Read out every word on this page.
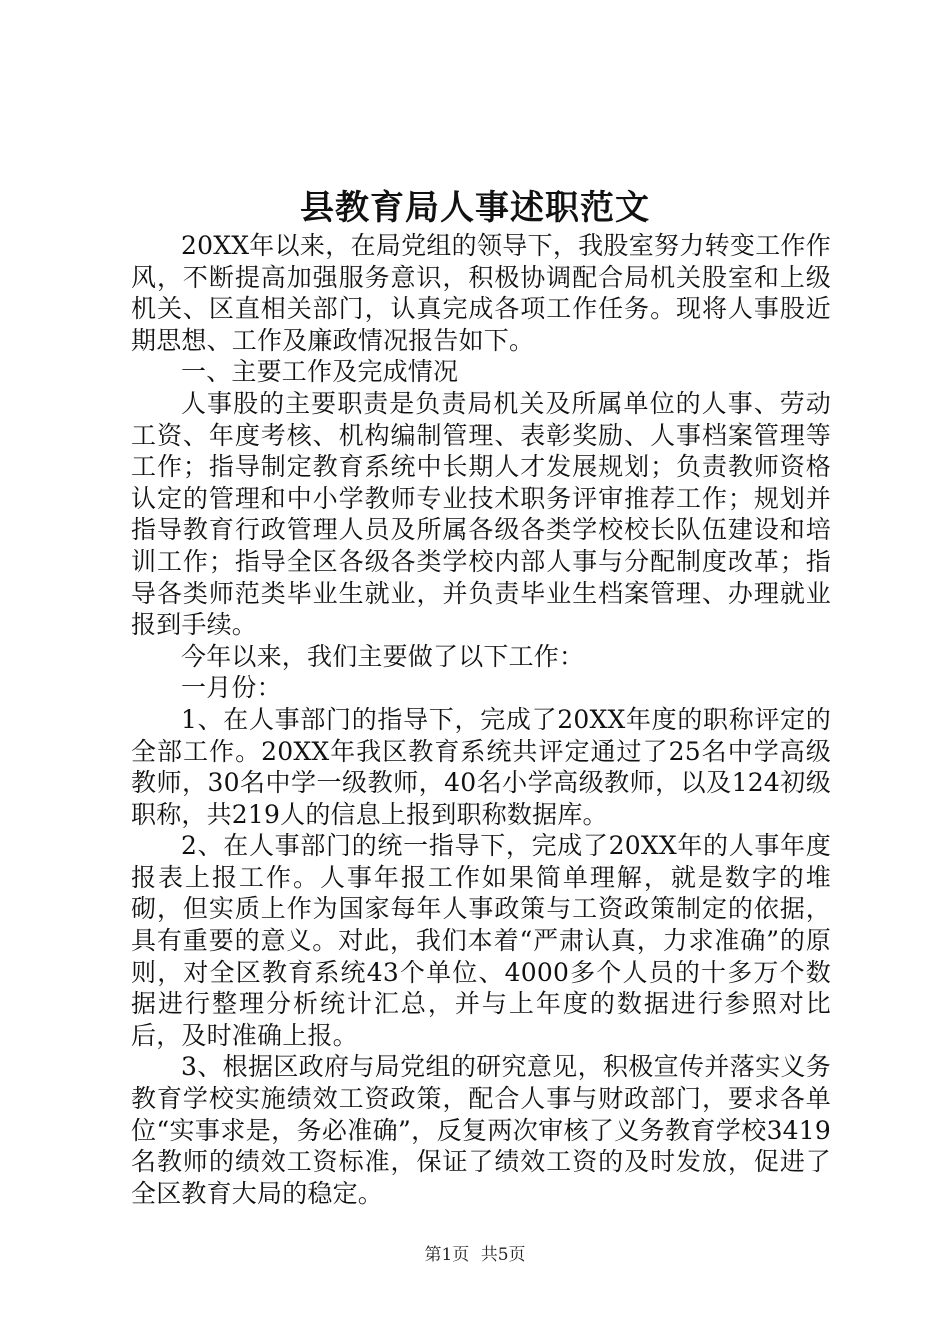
县教育局人事述职范文

20XX年以来，在局党组的领导下，我股室努力转变工作作风，不断提高加强服务意识，积极协调配合局机关股室和上级机关、区直相关部门，认真完成各项工作任务。现将人事股近期思想、工作及廉政情况报告如下。

一、主要工作及完成情况

人事股的主要职责是负责局机关及所属单位的人事、劳动工资、年度考核、机构编制管理、表彰奖励、人事档案管理等工作；指导制定教育系统中长期人才发展规划；负责教师资格认定的管理和中小学教师专业技术职务评审推荐工作；规划并指导教育行政管理人员及所属各级各类学校校长队伍建设和培训工作；指导全区各级各类学校内部人事与分配制度改革；指导各类师范类毕业生就业，并负责毕业生档案管理、办理就业报到手续。

今年以来，我们主要做了以下工作：

一月份：

1、在人事部门的指导下，完成了20XX年度的职称评定的全部工作。20XX年我区教育系统共评定通过了25名中学高级教师，30名中学一级教师，40名小学高级教师，以及124初级职称，共219人的信息上报到职称数据库。

2、在人事部门的统一指导下，完成了20XX年的人事年度报表上报工作。人事年报工作如果简单理解，就是数字的堆砌，但实质上作为国家每年人事政策与工资政策制定的依据，具有重要的意义。对此，我们本着“严肃认真，力求准确”的原则，对全区教育系统43个单位、4000多个人员的十多万个数据进行整理分析统计汇总，并与上年度的数据进行参照对比后，及时准确上报。

3、根据区政府与局党组的研究意见，积极宣传并落实义务教育学校实施绩效工资政策，配合人事与财政部门，要求各单位“实事求是，务必准确”，反复两次审核了义务教育学校3419名教师的绩效工资标准，保证了绩效工资的及时发放，促进了全区教育大局的稳定。

第1页 共5页
